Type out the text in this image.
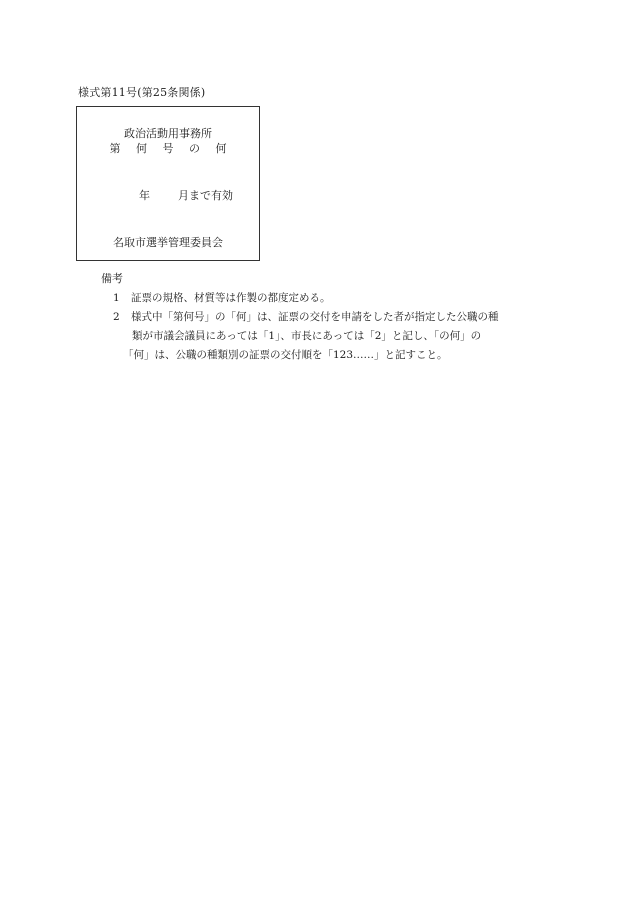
様式第11号(第25条関係)
政治活動用事務所
第 何 号 の 何
年	月まで有効
名取市選挙管理委員会
備考
1 証票の規格、材質等は作製の都度定める。
2 様式中「第何号」の「何」は、証票の交付を申請をした者が指定した公職の種
類が市議会議員にあっては「1」、市長にあっては「2」と記し、「の何」の
「何」は、公職の種類別の証票の交付順を「123……」と記すこと。
